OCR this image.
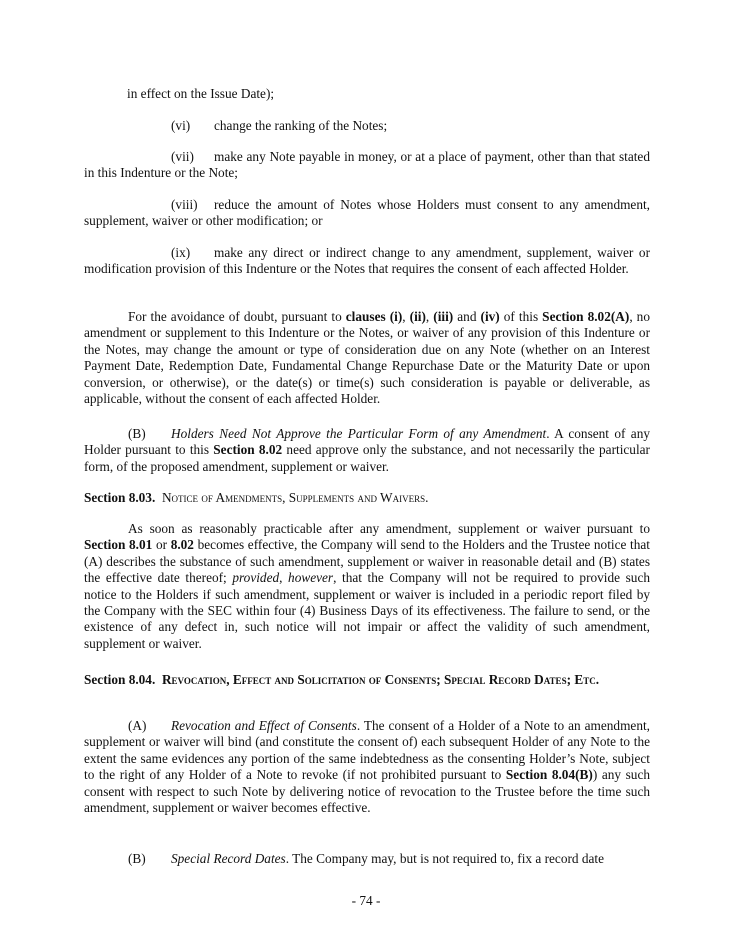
in effect on the Issue Date);

(vi) change the ranking of the Notes;

(vii) make any Note payable in money, or at a place of payment, other than that stated in this Indenture or the Note;

(viii) reduce the amount of Notes whose Holders must consent to any amendment, supplement, waiver or other modification; or

(ix) make any direct or indirect change to any amendment, supplement, waiver or modification provision of this Indenture or the Notes that requires the consent of each affected Holder.

For the avoidance of doubt, pursuant to clauses (i), (ii), (iii) and (iv) of this Section 8.02(A), no amendment or supplement to this Indenture or the Notes, or waiver of any provision of this Indenture or the Notes, may change the amount or type of consideration due on any Note (whether on an Interest Payment Date, Redemption Date, Fundamental Change Repurchase Date or the Maturity Date or upon conversion, or otherwise), or the date(s) or time(s) such consideration is payable or deliverable, as applicable, without the consent of each affected Holder.

(B) Holders Need Not Approve the Particular Form of any Amendment. A consent of any Holder pursuant to this Section 8.02 need approve only the substance, and not necessarily the particular form, of the proposed amendment, supplement or waiver.

Section 8.03. Notice of Amendments, Supplements and Waivers.

As soon as reasonably practicable after any amendment, supplement or waiver pursuant to Section 8.01 or 8.02 becomes effective, the Company will send to the Holders and the Trustee notice that (A) describes the substance of such amendment, supplement or waiver in reasonable detail and (B) states the effective date thereof; provided, however, that the Company will not be required to provide such notice to the Holders if such amendment, supplement or waiver is included in a periodic report filed by the Company with the SEC within four (4) Business Days of its effectiveness. The failure to send, or the existence of any defect in, such notice will not impair or affect the validity of such amendment, supplement or waiver.

Section 8.04. Revocation, Effect and Solicitation of Consents; Special Record Dates; Etc.

(A) Revocation and Effect of Consents. The consent of a Holder of a Note to an amendment, supplement or waiver will bind (and constitute the consent of) each subsequent Holder of any Note to the extent the same evidences any portion of the same indebtedness as the consenting Holder’s Note, subject to the right of any Holder of a Note to revoke (if not prohibited pursuant to Section 8.04(B)) any such consent with respect to such Note by delivering notice of revocation to the Trustee before the time such amendment, supplement or waiver becomes effective.

(B) Special Record Dates. The Company may, but is not required to, fix a record date

- 74 -
